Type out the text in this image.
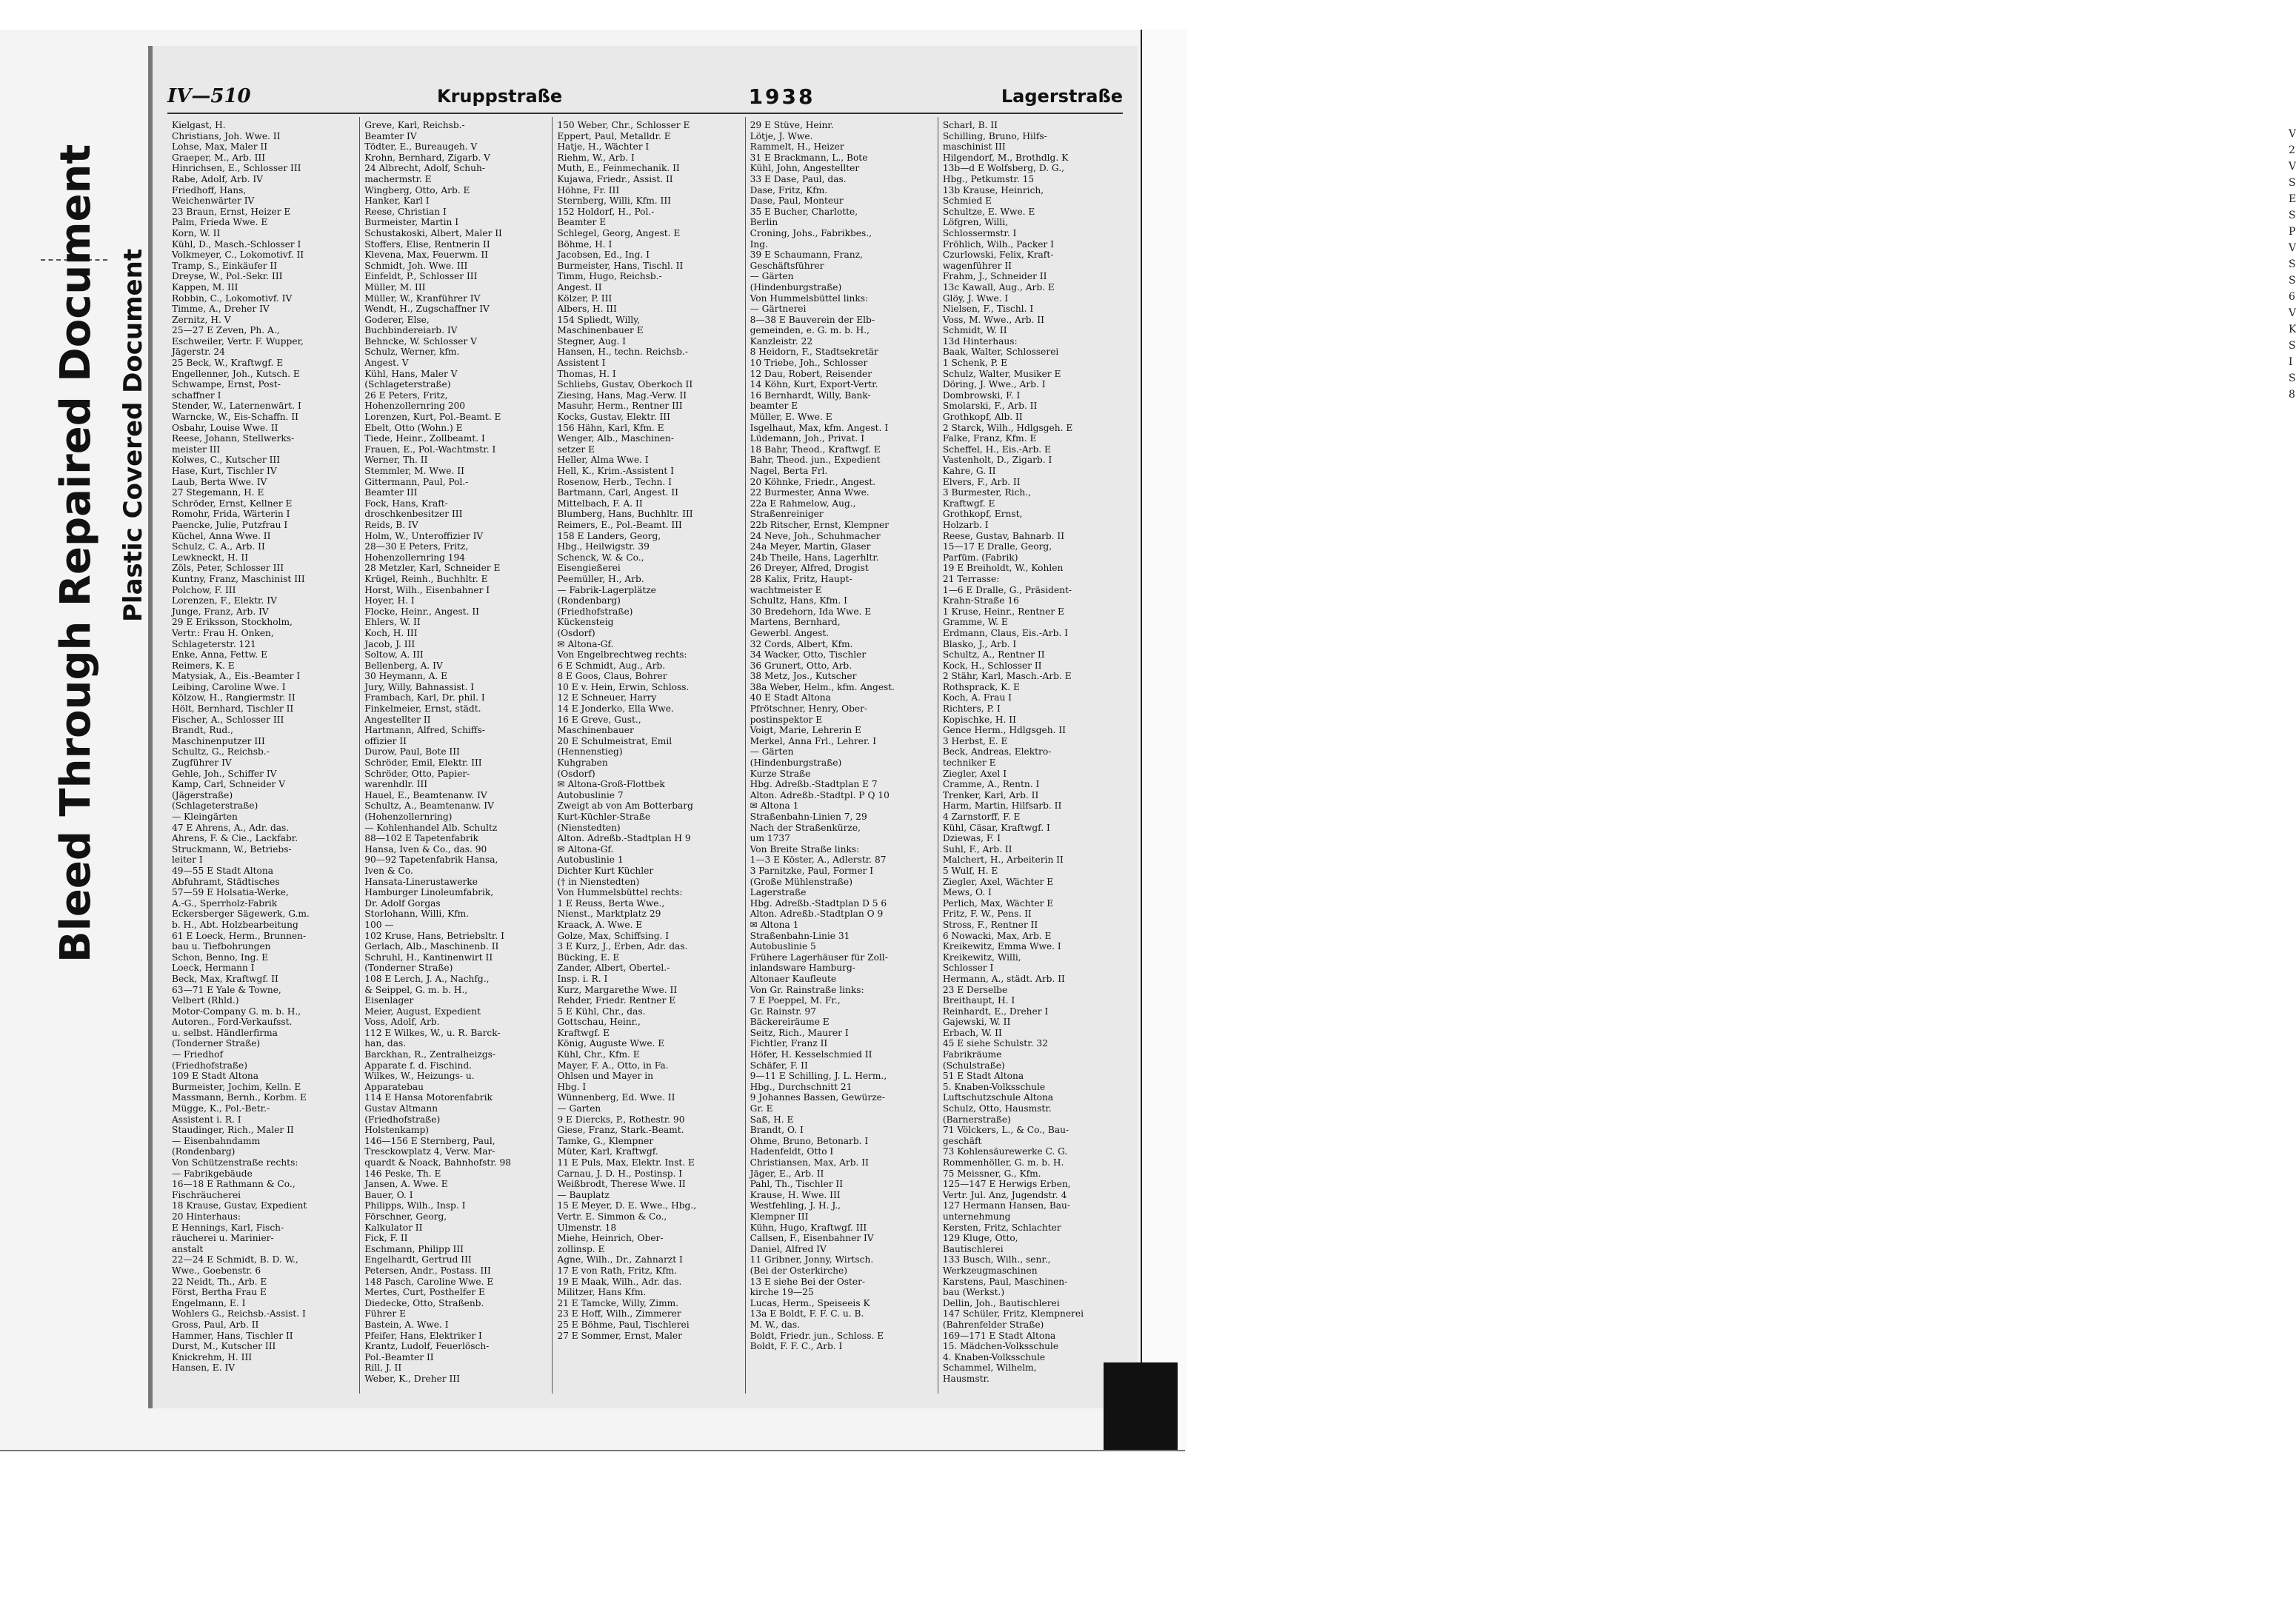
Bleed Through Repaired Document Plastic Covered Document
IV—510	Kruppstraße	1938	Lagerstraße

Kielgast, H.

Christians, Joh. Wwe. II

Lohse, Max, Maler II

Graeper, M., Arb. III

Hinrichsen, E., Schlosser III

Rabe, Adolf, Arb. IV

Friedhoff, Hans,

Weichenwärter IV

23 Braun, Ernst, Heizer E

Palm, Frieda Wwe. E

Korn, W. II

Kühl, D., Masch.-Schlosser I

Volkmeyer, C., Lokomotivf. II

Tramp, S., Einkäufer II

Dreyse, W., Pol.-Sekr. III

Kappen, M. III

Robbin, C., Lokomotivf. IV

Timme, A., Dreher IV

Zernitz, H. V

25—27 E Zeven, Ph. A.,

Eschweiler, Vertr. F. Wupper,

Jägerstr. 24

25 Beck, W., Kraftwgf. E

Engellenner, Joh., Kutsch. E

Schwampe, Ernst, Post-

schaffner I

Stender, W., Laternenwärt. I

Warncke, W., Eis-Schaffn. II

Osbahr, Louise Wwe. II

Reese, Johann, Stellwerks-

meister III

Kolwes, C., Kutscher III

Hase, Kurt, Tischler IV

Laub, Berta Wwe. IV

27 Stegemann, H. E

Schröder, Ernst, Kellner E

Romohr, Frida, Wärterin I

Paencke, Julie, Putzfrau I

Küchel, Anna Wwe. II

Schulz, C. A., Arb. II

Lewkneckt, H. II

Zöls, Peter, Schlosser III

Kuntny, Franz, Maschinist III

Polchow, F. III

Lorenzen, F., Elektr. IV

Junge, Franz, Arb. IV

29 E Eriksson, Stockholm,

Vertr.: Frau H. Onken,

Schlageterstr. 121

Enke, Anna, Fettw. E

Reimers, K. E

Matysiak, A., Eis.-Beamter I

Leibing, Caroline Wwe. I

Kölzow, H., Rangiermstr. II

Hölt, Bernhard, Tischler II

Fischer, A., Schlosser III

Brandt, Rud.,

Maschinenputzer III

Schultz, G., Reichsb.-

Zugführer IV

Gehle, Joh., Schiffer IV

Kamp, Carl, Schneider V

(Jägerstraße)

(Schlageterstraße)

— Kleingärten

47 E Ahrens, A., Adr. das.

Ahrens, F. & Cie., Lackfabr.

Struckmann, W., Betriebs-

leiter I

49—55 E Stadt Altona

Abfuhramt, Städtisches

57—59 E Holsatia-Werke,

A.-G., Sperrholz-Fabrik

Eckersberger Sägewerk, G.m.

b. H., Abt. Holzbearbeitung

61 E Loeck, Herm., Brunnen-

bau u. Tiefbohrungen

Schon, Benno, Ing. E

Loeck, Hermann I

Beck, Max, Kraftwgf. II

63—71 E Yale & Towne,

Velbert (Rhld.)

Motor-Company G. m. b. H.,

Autoren., Ford-Verkaufsst.

u. selbst. Händlerfirma

(Tonderner Straße)

— Friedhof

(Friedhofstraße)

109 E Stadt Altona

Burmeister, Jochim, Kelln. E

Massmann, Bernh., Korbm. E

Mügge, K., Pol.-Betr.-

Assistent i. R. I

Staudinger, Rich., Maler II

— Eisenbahndamm

(Rondenbarg)

Von Schützenstraße rechts:

— Fabrikgebäude

16—18 E Rathmann & Co.,

Fischräucherei

18 Krause, Gustav, Expedient

20 Hinterhaus:

E Hennings, Karl, Fisch-

räucherei u. Marinier-

anstalt

22—24 E Schmidt, B. D. W.,

Wwe., Goebenstr. 6

22 Neidt, Th., Arb. E

Först, Bertha Frau E

Engelmann, E. I

Wohlers G., Reichsb.-Assist. I

Gross, Paul, Arb. II

Hammer, Hans, Tischler II

Durst, M., Kutscher III

Knickrehm, H. III

Hansen, E. IV

Greve, Karl, Reichsb.-

Beamter IV

Tödter, E., Bureaugeh. V

Krohn, Bernhard, Zigarb. V

24 Albrecht, Adolf, Schuh-

machermstr. E

Wingberg, Otto, Arb. E

Hanker, Karl I

Reese, Christian I

Burmeister, Martin I

Schustakoski, Albert, Maler II

Stoffers, Elise, Rentnerin II

Klevena, Max, Feuerwm. II

Schmidt, Joh. Wwe. III

Einfeldt, P., Schlosser III

Müller, M. III

Müller, W., Kranführer IV

Wendt, H., Zugschaffner IV

Goderer, Else,

Buchbindereiarb. IV

Behncke, W. Schlosser V

Schulz, Werner, kfm.

Angest. V

Kühl, Hans, Maler V

(Schlageterstraße)

26 E Peters, Fritz,

Hohenzollernring 200

Lorenzen, Kurt, Pol.-Beamt. E

Ebelt, Otto (Wohn.) E

Tiede, Heinr., Zollbeamt. I

Frauen, E., Pol.-Wachtmstr. I

Werner, Th. II

Stemmler, M. Wwe. II

Gittermann, Paul, Pol.-

Beamter III

Fock, Hans, Kraft-

droschkenbesitzer III

Reids, B. IV

Holm, W., Unteroffizier IV

28—30 E Peters, Fritz,

Hohenzollernring 194

28 Metzler, Karl, Schneider E

Krügel, Reinh., Buchhltr. E

Horst, Wilh., Eisenbahner I

Hoyer, H. I

Flocke, Heinr., Angest. II

Ehlers, W. II

Koch, H. III

Jacob, J. III

Soltow, A. III

Bellenberg, A. IV

30 Heymann, A. E

Jury, Willy, Bahnassist. I

Frambach, Karl, Dr. phil. I

Finkelmeier, Ernst, städt.

Angestellter II

Hartmann, Alfred, Schiffs-

offizier II

Durow, Paul, Bote III

Schröder, Emil, Elektr. III

Schröder, Otto, Papier-

warenhdlr. III

Hauel, E., Beamtenanw. IV

Schultz, A., Beamtenanw. IV

(Hohenzollernring)

— Kohlenhandel Alb. Schultz

88—102 E Tapetenfabrik

Hansa, Iven & Co., das. 90

90—92 Tapetenfabrik Hansa,

Iven & Co.

Hansata-Linerustawerke

Hamburger Linoleumfabrik,

Dr. Adolf Gorgas

Storlohann, Willi, Kfm.

100 —

102 Kruse, Hans, Betriebsltr. I

Gerlach, Alb., Maschinenb. II

Schruhl, H., Kantinenwirt II

(Tonderner Straße)

108 E Lerch, J. A., Nachfg.,

& Seippel, G. m. b. H.,

Eisenlager

Meier, August, Expedient

Voss, Adolf, Arb.

112 E Wilkes, W., u. R. Barck-

han, das.

Barckhan, R., Zentralheizgs-

Apparate f. d. Fischind.

Wilkes, W., Heizungs- u.

Apparatebau

114 E Hansa Motorenfabrik

Gustav Altmann

(Friedhofstraße)

Holstenkamp)

146—156 E Sternberg, Paul,

Tresckowplatz 4, Verw. Mar-

quardt & Noack, Bahnhofstr. 98

146 Peske, Th. E

Jansen, A. Wwe. E

Bauer, O. I

Philipps, Wilh., Insp. I

Förschner, Georg,

Kalkulator II

Fick, F. II

Eschmann, Philipp III

Engelhardt, Gertrud III

Petersen, Andr., Postass. III

148 Pasch, Caroline Wwe. E

Mertes, Curt, Posthelfer E

Diedecke, Otto, Straßenb.

Führer E

Bastein, A. Wwe. I

Pfeifer, Hans, Elektriker I

Krantz, Ludolf, Feuerlösch-

Pol.-Beamter II

Rill, J. II

Weber, K., Dreher III

150 Weber, Chr., Schlosser E

Eppert, Paul, Metalldr. E

Hatje, H., Wächter I

Riehm, W., Arb. I

Muth, E., Feinmechanik. II

Kujawa, Friedr., Assist. II

Höhne, Fr. III

Sternberg, Willi, Kfm. III

152 Holdorf, H., Pol.-

Beamter E

Schlegel, Georg, Angest. E

Böhme, H. I

Jacobsen, Ed., Ing. I

Burmeister, Hans, Tischl. II

Timm, Hugo, Reichsb.-

Angest. II

Kölzer, P. III

Albers, H. III

154 Spliedt, Willy,

Maschinenbauer E

Stegner, Aug. I

Hansen, H., techn. Reichsb.-

Assistent I

Thomas, H. I

Schliebs, Gustav, Oberkoch II

Ziesing, Hans, Mag.-Verw. II

Masuhr, Herm., Rentner III

Kocks, Gustav, Elektr. III

156 Hähn, Karl, Kfm. E

Wenger, Alb., Maschinen-

setzer E

Heller, Alma Wwe. I

Hell, K., Krim.-Assistent I

Rosenow, Herb., Techn. I

Bartmann, Carl, Angest. II

Mittelbach, F. A. II

Blumberg, Hans, Buchhltr. III

Reimers, E., Pol.-Beamt. III

158 E Landers, Georg,

Hbg., Heilwigstr. 39

Schenck, W. & Co.,

Eisengießerei

Peemüller, H., Arb.

— Fabrik-Lagerplätze

(Rondenbarg)

(Friedhofstraße)

Kückensteig

(Osdorf)

✉ Altona-Gf.

Von Engelbrechtweg rechts:

6 E Schmidt, Aug., Arb.

8 E Goos, Claus, Bohrer

10 E v. Hein, Erwin, Schloss.

12 E Schneuer, Harry

14 E Jonderko, Ella Wwe.

16 E Greve, Gust.,

Maschinenbauer

20 E Schulmeistrat, Emil

(Hennenstieg)

Kuhgraben

(Osdorf)

✉ Altona-Groß-Flottbek

Autobuslinie 7

Zweigt ab von Am Botterbarg

Kurt-Küchler-Straße

(Nienstedten)

Alton. Adreßb.-Stadtplan H 9

✉ Altona-Gf.

Autobuslinie 1

Dichter Kurt Küchler

(† in Nienstedten)

Von Hummelsbüttel rechts:

1 E Reuss, Berta Wwe.,

Nienst., Marktplatz 29

Kraack, A. Wwe. E

Golze, Max, Schiffsing. I

3 E Kurz, J., Erben, Adr. das.

Bücking, E. E

Zander, Albert, Obertel.-

Insp. i. R. I

Kurz, Margarethe Wwe. II

Rehder, Friedr. Rentner E

5 E Kühl, Chr., das.

Gottschau, Heinr.,

Kraftwgf. E

König, Auguste Wwe. E

Kühl, Chr., Kfm. E

Mayer, F. A., Otto, in Fa.

Ohlsen und Mayer in

Hbg. I

Wünnenberg, Ed. Wwe. II

— Garten

9 E Diercks, P., Rothestr. 90

Giese, Franz, Stark.-Beamt.

Tamke, G., Klempner

Müter, Karl, Kraftwgf.

11 E Puls, Max, Elektr. Inst. E

Carnau, J. D. H., Postinsp. I

Weißbrodt, Therese Wwe. II

— Bauplatz

15 E Meyer, D. E. Wwe., Hbg.,

Vertr. E. Simmon & Co.,

Ulmenstr. 18

Miehe, Heinrich, Ober-

zollinsp. E

Agne, Wilh., Dr., Zahnarzt I

17 E von Rath, Fritz, Kfm.

19 E Maak, Wilh., Adr. das.

Militzer, Hans Kfm.

21 E Tamcke, Willy, Zimm.

23 E Hoff, Wilh., Zimmerer

25 E Böhme, Paul, Tischlerei

27 E Sommer, Ernst, Maler

29 E Stüve, Heinr.

Lötje, J. Wwe.

Rammelt, H., Heizer

31 E Brackmann, L., Bote

Kühl, John, Angestellter

33 E Dase, Paul, das.

Dase, Fritz, Kfm.

Dase, Paul, Monteur

35 E Bucher, Charlotte,

Berlin

Croning, Johs., Fabrikbes.,

Ing.

39 E Schaumann, Franz,

Geschäftsführer

— Gärten

(Hindenburgstraße)

Von Hummelsbüttel links:

— Gärtnerei

8—38 E Bauverein der Elb-

gemeinden, e. G. m. b. H.,

Kanzleistr. 22

8 Heidorn, F., Stadtsekretär

10 Triebe, Joh., Schlosser

12 Dau, Robert, Reisender

14 Köhn, Kurt, Export-Vertr.

16 Bernhardt, Willy, Bank-

beamter E

Müller, E. Wwe. E

Isgelhaut, Max, kfm. Angest. I

Lüdemann, Joh., Privat. I

18 Bahr, Theod., Kraftwgf. E

Bahr, Theod. jun., Expedient

Nagel, Berta Frl.

20 Köhnke, Friedr., Angest.

22 Burmester, Anna Wwe.

22a E Rahmelow, Aug.,

Straßenreiniger

22b Ritscher, Ernst, Klempner

24 Neve, Joh., Schuhmacher

24a Meyer, Martin, Glaser

24b Theile, Hans, Lagerhltr.

26 Dreyer, Alfred, Drogist

28 Kalix, Fritz, Haupt-

wachtmeister E

Schultz, Hans, Kfm. I

30 Bredehorn, Ida Wwe. E

Martens, Bernhard,

Gewerbl. Angest.

32 Cords, Albert, Kfm.

34 Wacker, Otto, Tischler

36 Grunert, Otto, Arb.

38 Metz, Jos., Kutscher

38a Weber, Helm., kfm. Angest.

40 E Stadt Altona

Pfrötschner, Henry, Ober-

postinspektor E

Voigt, Marie, Lehrerin E

Merkel, Anna Frl., Lehrer. I

— Gärten

(Hindenburgstraße)

Kurze Straße

Hbg. Adreßb.-Stadtplan E 7

Alton. Adreßb.-Stadtpl. P Q 10

✉ Altona 1

Straßenbahn-Linien 7, 29

Nach der Straßenkürze,

um 1737

Von Breite Straße links:

1—3 E Köster, A., Adlerstr. 87

3 Parnitzke, Paul, Former I

(Große Mühlenstraße)

Lagerstraße

Hbg. Adreßb.-Stadtplan D 5 6

Alton. Adreßb.-Stadtplan O 9

✉ Altona 1

Straßenbahn-Linie 31

Autobuslinie 5

Frühere Lagerhäuser für Zoll-

inlandsware Hamburg-

Altonaer Kaufleute

Von Gr. Rainstraße links:

7 E Poeppel, M. Fr.,

Gr. Rainstr. 97

Bäckereiräume E

Seitz, Rich., Maurer I

Fichtler, Franz II

Höfer, H. Kesselschmied II

Schäfer, F. II

9—11 E Schilling, J. L. Herm.,

Hbg., Durchschnitt 21

9 Johannes Bassen, Gewürze-

Gr. E

Saß, H. E

Brandt, O. I

Ohme, Bruno, Betonarb. I

Hadenfeldt, Otto I

Christiansen, Max, Arb. II

Jäger, E., Arb. II

Pahl, Th., Tischler II

Krause, H. Wwe. III

Westfehling, J. H. J.,

Klempner III

Kühn, Hugo, Kraftwgf. III

Callsen, F., Eisenbahner IV

Daniel, Alfred IV

11 Gribner, Jonny, Wirtsch.

(Bei der Osterkirche)

13 E siehe Bei der Oster-

kirche 19—25

Lucas, Herm., Speiseeis K

13a E Boldt, F. F. C. u. B.

M. W., das.

Boldt, Friedr. jun., Schloss. E

Boldt, F. F. C., Arb. I

Scharl, B. II

Schilling, Bruno, Hilfs-

maschinist III

Hilgendorf, M., Brothdlg. K

13b—d E Wolfsberg, D. G.,

Hbg., Petkumstr. 15

13b Krause, Heinrich,

Schmied E

Schultze, E. Wwe. E

Löfgren, Willi,

Schlossermstr. I

Fröhlich, Wilh., Packer I

Czurlowski, Felix, Kraft-

wagenführer II

Frahm, J., Schneider II

13c Kawall, Aug., Arb. E

Glöy, J. Wwe. I

Nielsen, F., Tischl. I

Voss, M. Wwe., Arb. II

Schmidt, W. II

13d Hinterhaus:

Baak, Walter, Schlosserei

1 Schenk, P. E

Schulz, Walter, Musiker E

Döring, J. Wwe., Arb. I

Dombrowski, F. I

Smolarski, F., Arb. II

Grothkopf, Alb. II

2 Starck, Wilh., Hdlgsgeh. E

Falke, Franz, Kfm. E

Scheffel, H., Eis.-Arb. E

Vastenholt, D., Zigarb. I

Kahre, G. II

Elvers, F., Arb. II

3 Burmester, Rich.,

Kraftwgf. E

Grothkopf, Ernst,

Holzarb. I

Reese, Gustav, Bahnarb. II

15—17 E Dralle, Georg,

Parfüm. (Fabrik)

19 E Breiholdt, W., Kohlen

21 Terrasse:

1—6 E Dralle, G., Präsident-

Krahn-Straße 16

1 Kruse, Heinr., Rentner E

Gramme, W. E

Erdmann, Claus, Eis.-Arb. I

Blasko, J., Arb. I

Schultz, A., Rentner II

Kock, H., Schlosser II

2 Stähr, Karl, Masch.-Arb. E

Rothsprack, K. E

Koch, A. Frau I

Richters, P. I

Kopischke, H. II

Gence Herm., Hdlgsgeh. II

3 Herbst, E. E

Beck, Andreas, Elektro-

techniker E

Ziegler, Axel I

Cramme, A., Rentn. I

Trenker, Karl, Arb. II

Harm, Martin, Hilfsarb. II

4 Zarnstorff, F. E

Kühl, Cäsar, Kraftwgf. I

Dziewas, F. I

Suhl, F., Arb. II

Malchert, H., Arbeiterin II

5 Wulf, H. E

Ziegler, Axel, Wächter E

Mews, O. I

Perlich, Max, Wächter E

Fritz, F. W., Pens. II

Stross, F., Rentner II

6 Nowacki, Max, Arb. E

Kreikewitz, Emma Wwe. I

Kreikewitz, Willi,

Schlosser I

Hermann, A., städt. Arb. II

23 E Derselbe

Breithaupt, H. I

Reinhardt, E., Dreher I

Gajewski, W. II

Erbach, W. II

45 E siehe Schulstr. 32

Fabrikräume

(Schulstraße)

51 E Stadt Altona

5. Knaben-Volksschule

Luftschutzschule Altona

Schulz, Otto, Hausmstr.

(Barnerstraße)

71 Völckers, L., & Co., Bau-

geschäft

73 Kohlensäurewerke C. G.

Rommenhöller, G. m. b. H.

75 Meissner, G., Kfm.

125—147 E Herwigs Erben,

Vertr. Jul. Anz, Jugendstr. 4

127 Hermann Hansen, Bau-

unternehmung

Kersten, Fritz, Schlachter

129 Kluge, Otto,

Bautischlerei

133 Busch, Wilh., senr.,

Werkzeugmaschinen

Karstens, Paul, Maschinen-

bau (Werkst.)

Dellin, Joh., Bautischlerei

147 Schüler, Fritz, Klempnerei

(Bahrenfelder Straße)

169—171 E Stadt Altona

15. Mädchen-Volksschule

4. Knaben-Volksschule

Schammel, Wilhelm,

Hausmstr.

V
2
V
S
E
S
P
V
S
S
6
V
K
S
I
S
8
